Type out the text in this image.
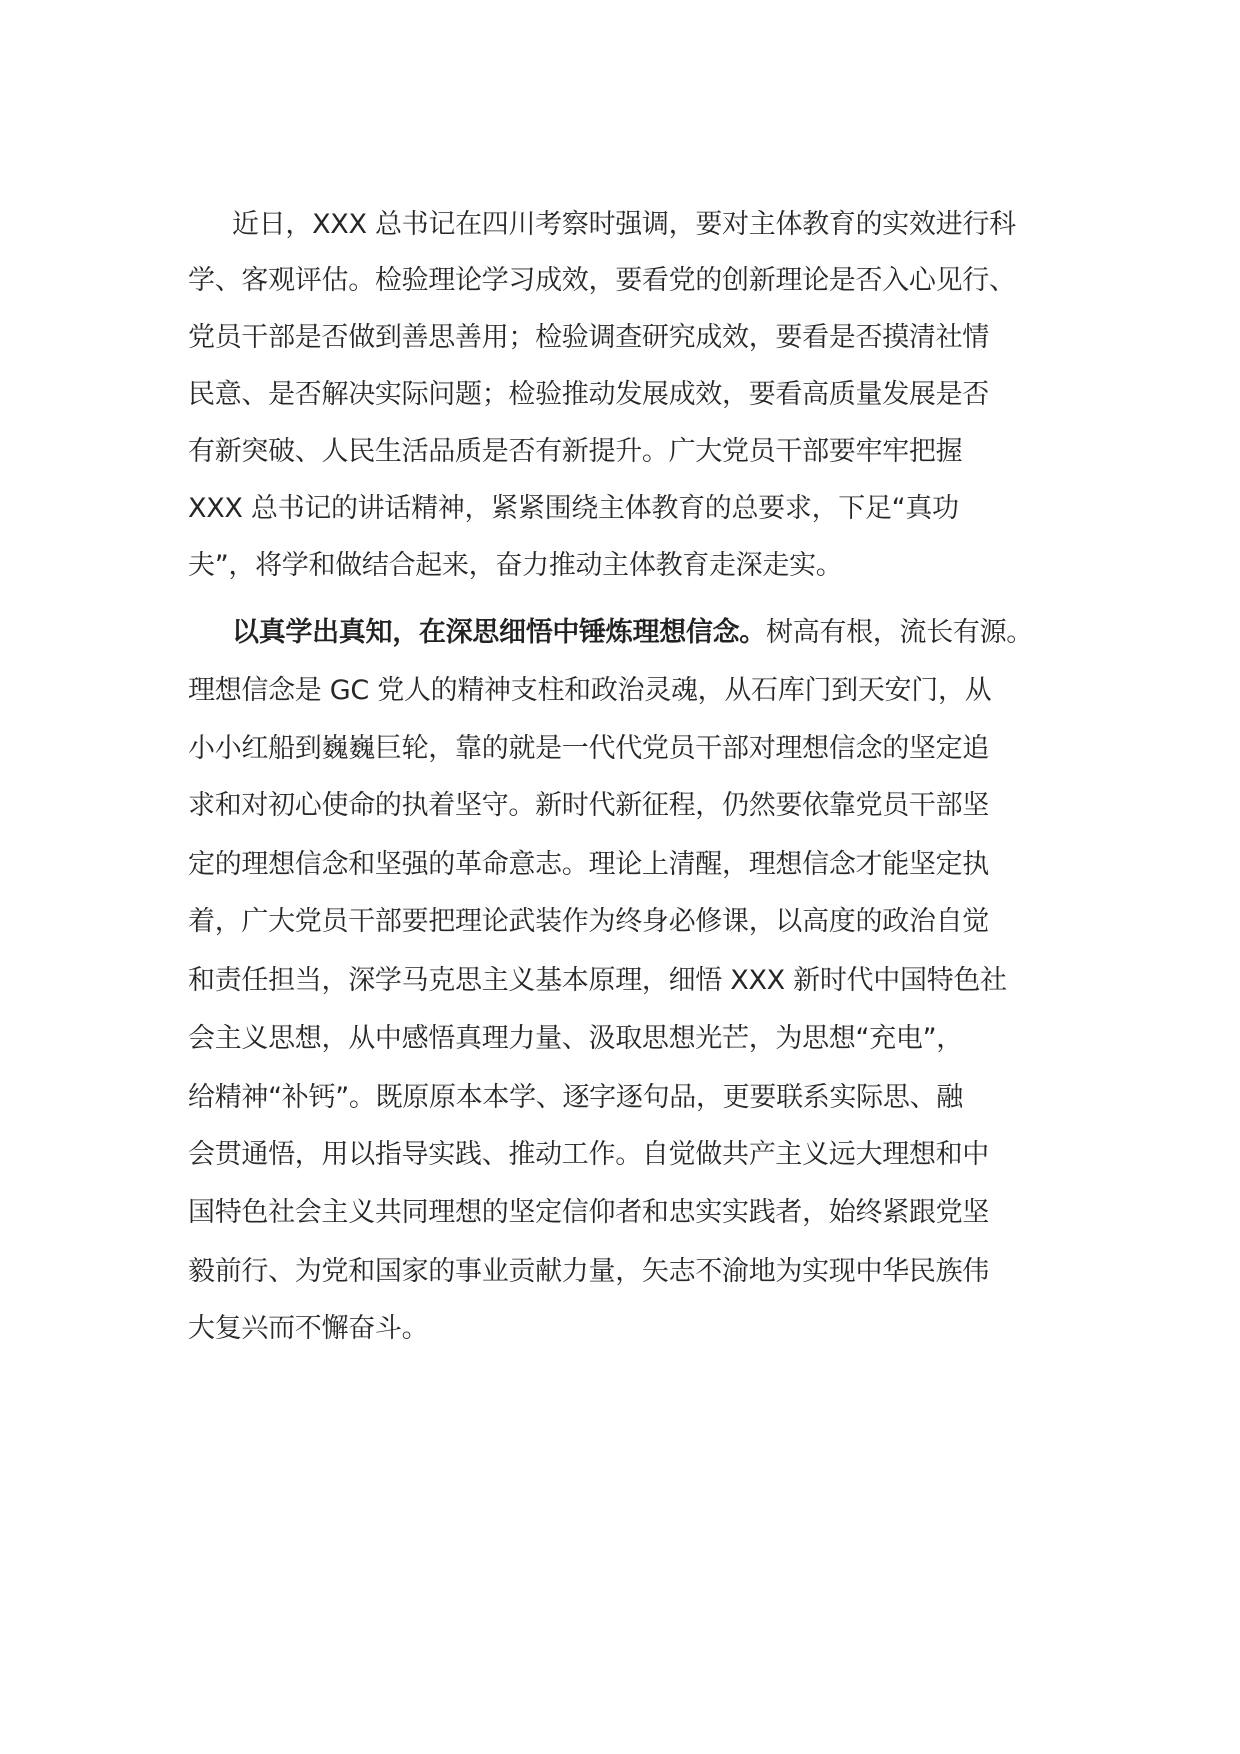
近日，XXX 总书记在四川考察时强调，要对主体教育的实效进行科
学、客观评估。检验理论学习成效，要看党的创新理论是否入心见行、
党员干部是否做到善思善用；检验调查研究成效，要看是否摸清社情
民意、是否解决实际问题；检验推动发展成效，要看高质量发展是否
有新突破、人民生活品质是否有新提升。广大党员干部要牢牢把握
XXX 总书记的讲话精神，紧紧围绕主体教育的总要求，下足“真功
夫”，将学和做结合起来，奋力推动主体教育走深走实。
以真学出真知，在深思细悟中锤炼理想信念。树高有根，流长有源。
理想信念是 GC 党人的精神支柱和政治灵魂，从石库门到天安门，从
小小红船到巍巍巨轮，靠的就是一代代党员干部对理想信念的坚定追
求和对初心使命的执着坚守。新时代新征程，仍然要依靠党员干部坚
定的理想信念和坚强的革命意志。理论上清醒，理想信念才能坚定执
着，广大党员干部要把理论武装作为终身必修课，以高度的政治自觉
和责任担当，深学马克思主义基本原理，细悟 XXX 新时代中国特色社
会主义思想，从中感悟真理力量、汲取思想光芒，为思想“充电”，
给精神“补钙”。既原原本本学、逐字逐句品，更要联系实际思、融
会贯通悟，用以指导实践、推动工作。自觉做共产主义远大理想和中
国特色社会主义共同理想的坚定信仰者和忠实实践者，始终紧跟党坚
毅前行、为党和国家的事业贡献力量，矢志不渝地为实现中华民族伟
大复兴而不懈奋斗。
